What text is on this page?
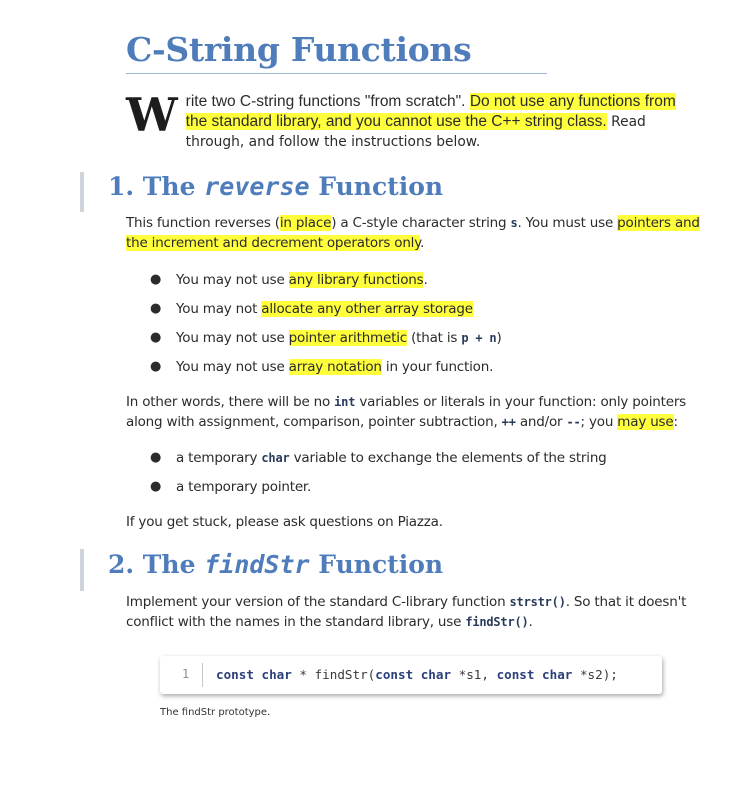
C-String Functions
W rite two C-string functions "from scratch". Do not use any functions from the standard library, and you cannot use the C++ string class. Read through, and follow the instructions below.
1. The reverse Function

This function reverses (in place) a C-style character string s. You must use pointers and the increment and decrement operators only.

● You may not use any library functions.
● You may not allocate any other array storage
● You may not use pointer arithmetic (that is p + n)
● You may not use array notation in your function.

In other words, there will be no int variables or literals in your function: only pointers along with assignment, comparison, pointer subtraction, ++ and/or --; you may use:

● a temporary char variable to exchange the elements of the string
● a temporary pointer.

If you get stuck, please ask questions on Piazza.

2. The findStr Function

Implement your version of the standard C-library function strstr(). So that it doesn't conflict with the names in the standard library, use findStr().

1 const char * findStr(const char *s1, const char *s2);

The findStr prototype.
